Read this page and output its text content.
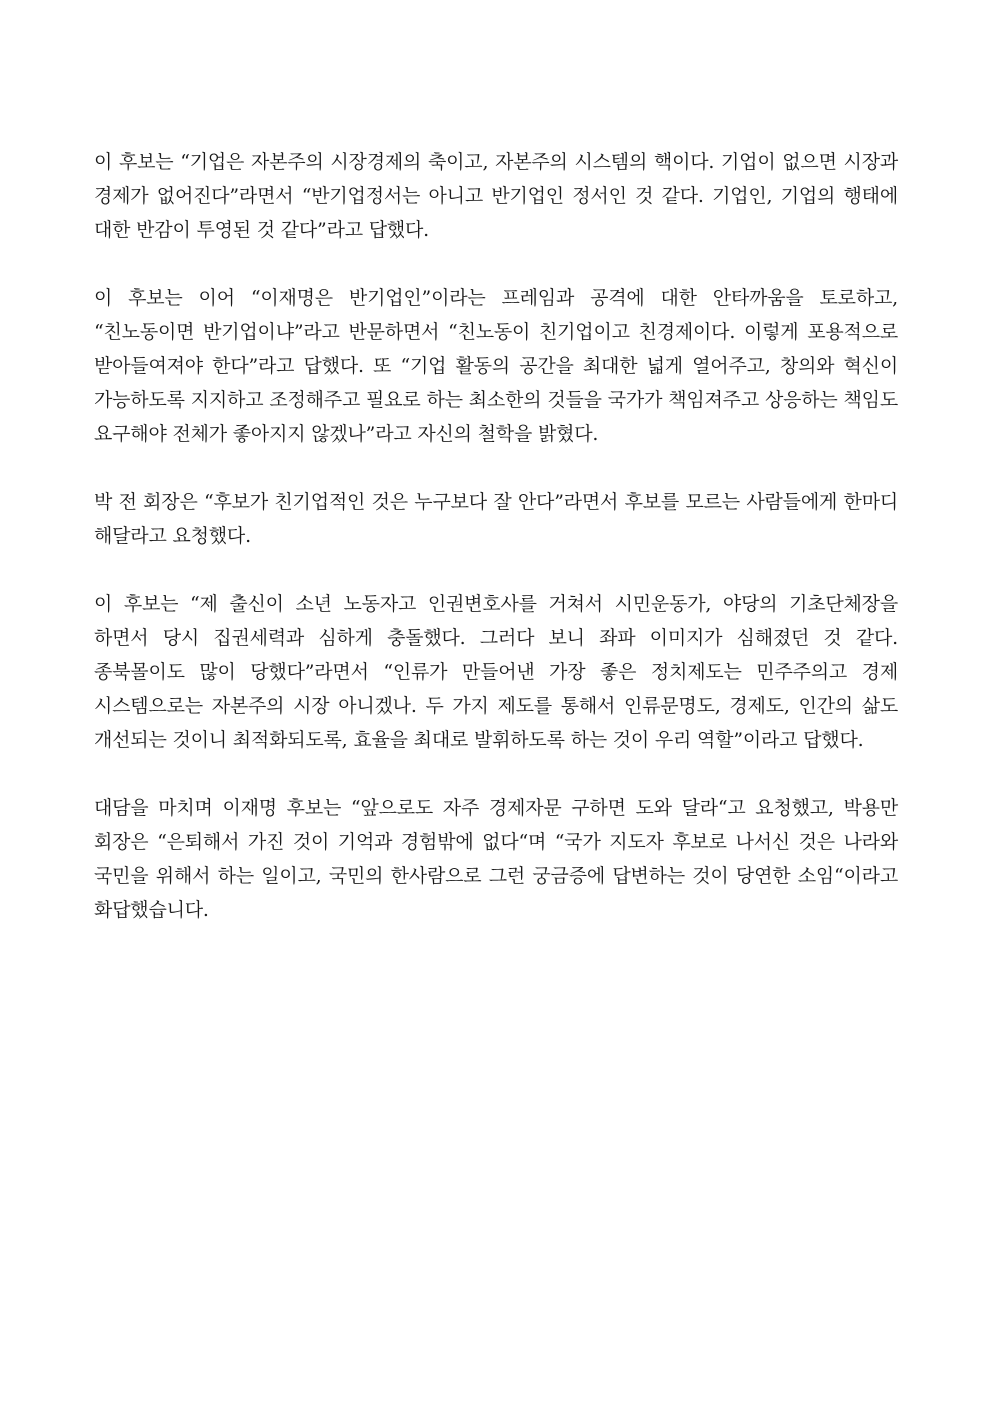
이 후보는 “기업은 자본주의 시장경제의 축이고, 자본주의 시스템의 핵이다. 기업이 없으면 시장과 경제가 없어진다”라면서 “반기업정서는 아니고 반기업인 정서인 것 같다. 기업인, 기업의 행태에 대한 반감이 투영된 것 같다”라고 답했다.

이 후보는 이어 “이재명은 반기업인”이라는 프레임과 공격에 대한 안타까움을 토로하고, “친노동이면 반기업이냐”라고 반문하면서 “친노동이 친기업이고 친경제이다. 이렇게 포용적으로 받아들여져야 한다”라고 답했다. 또 “기업 활동의 공간을 최대한 넓게 열어주고, 창의와 혁신이 가능하도록 지지하고 조정해주고 필요로 하는 최소한의 것들을 국가가 책임져주고 상응하는 책임도 요구해야 전체가 좋아지지 않겠나”라고 자신의 철학을 밝혔다.

박 전 회장은 “후보가 친기업적인 것은 누구보다 잘 안다”라면서 후보를 모르는 사람들에게 한마디 해달라고 요청했다.

이 후보는 “제 출신이 소년 노동자고 인권변호사를 거쳐서 시민운동가, 야당의 기초단체장을 하면서 당시 집권세력과 심하게 충돌했다. 그러다 보니 좌파 이미지가 심해졌던 것 같다. 종북몰이도 많이 당했다”라면서 “인류가 만들어낸 가장 좋은 정치제도는 민주주의고 경제 시스템으로는 자본주의 시장 아니겠나. 두 가지 제도를 통해서 인류문명도, 경제도, 인간의 삶도 개선되는 것이니 최적화되도록, 효율을 최대로 발휘하도록 하는 것이 우리 역할”이라고 답했다.

대담을 마치며 이재명 후보는 “앞으로도 자주 경제자문 구하면 도와 달라“고 요청했고, 박용만 회장은 “은퇴해서 가진 것이 기억과 경험밖에 없다“며 “국가 지도자 후보로 나서신 것은 나라와 국민을 위해서 하는 일이고, 국민의 한사람으로 그런 궁금증에 답변하는 것이 당연한 소임“이라고 화답했습니다.
